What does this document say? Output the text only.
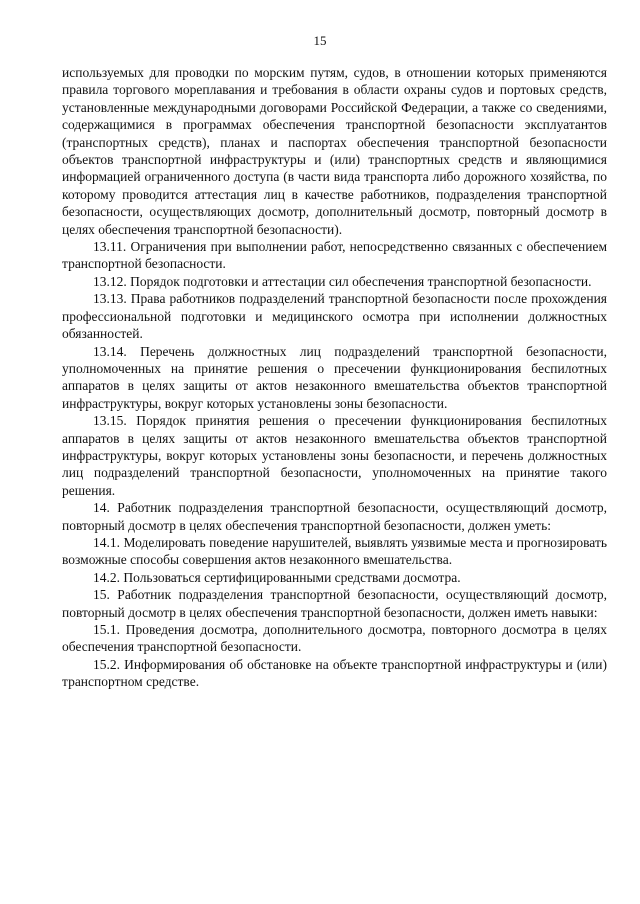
15

используемых для проводки по морским путям, судов, в отношении которых применяются правила торгового мореплавания и требования в области охраны судов и портовых средств, установленные международными договорами Российской Федерации, а также со сведениями, содержащимися в программах обеспечения транспортной безопасности эксплуатантов (транспортных средств), планах и паспортах обеспечения транспортной безопасности объектов транспортной инфраструктуры и (или) транспортных средств и являющимися информацией ограниченного доступа (в части вида транспорта либо дорожного хозяйства, по которому проводится аттестация лиц в качестве работников, подразделения транспортной безопасности, осуществляющих досмотр, дополнительный досмотр, повторный досмотр в целях обеспечения транспортной безопасности).

13.11. Ограничения при выполнении работ, непосредственно связанных с обеспечением транспортной безопасности.

13.12. Порядок подготовки и аттестации сил обеспечения транспортной безопасности.

13.13. Права работников подразделений транспортной безопасности после прохождения профессиональной подготовки и медицинского осмотра при исполнении должностных обязанностей.

13.14. Перечень должностных лиц подразделений транспортной безопасности, уполномоченных на принятие решения о пресечении функционирования беспилотных аппаратов в целях защиты от актов незаконного вмешательства объектов транспортной инфраструктуры, вокруг которых установлены зоны безопасности.

13.15. Порядок принятия решения о пресечении функционирования беспилотных аппаратов в целях защиты от актов незаконного вмешательства объектов транспортной инфраструктуры, вокруг которых установлены зоны безопасности, и перечень должностных лиц подразделений транспортной безопасности, уполномоченных на принятие такого решения.

14. Работник подразделения транспортной безопасности, осуществляющий досмотр, повторный досмотр в целях обеспечения транспортной безопасности, должен уметь:

14.1. Моделировать поведение нарушителей, выявлять уязвимые места и прогнозировать возможные способы совершения актов незаконного вмешательства.

14.2. Пользоваться сертифицированными средствами досмотра.

15. Работник подразделения транспортной безопасности, осуществляющий досмотр, повторный досмотр в целях обеспечения транспортной безопасности, должен иметь навыки:

15.1. Проведения досмотра, дополнительного досмотра, повторного досмотра в целях обеспечения транспортной безопасности.

15.2. Информирования об обстановке на объекте транспортной инфраструктуры и (или) транспортном средстве.
